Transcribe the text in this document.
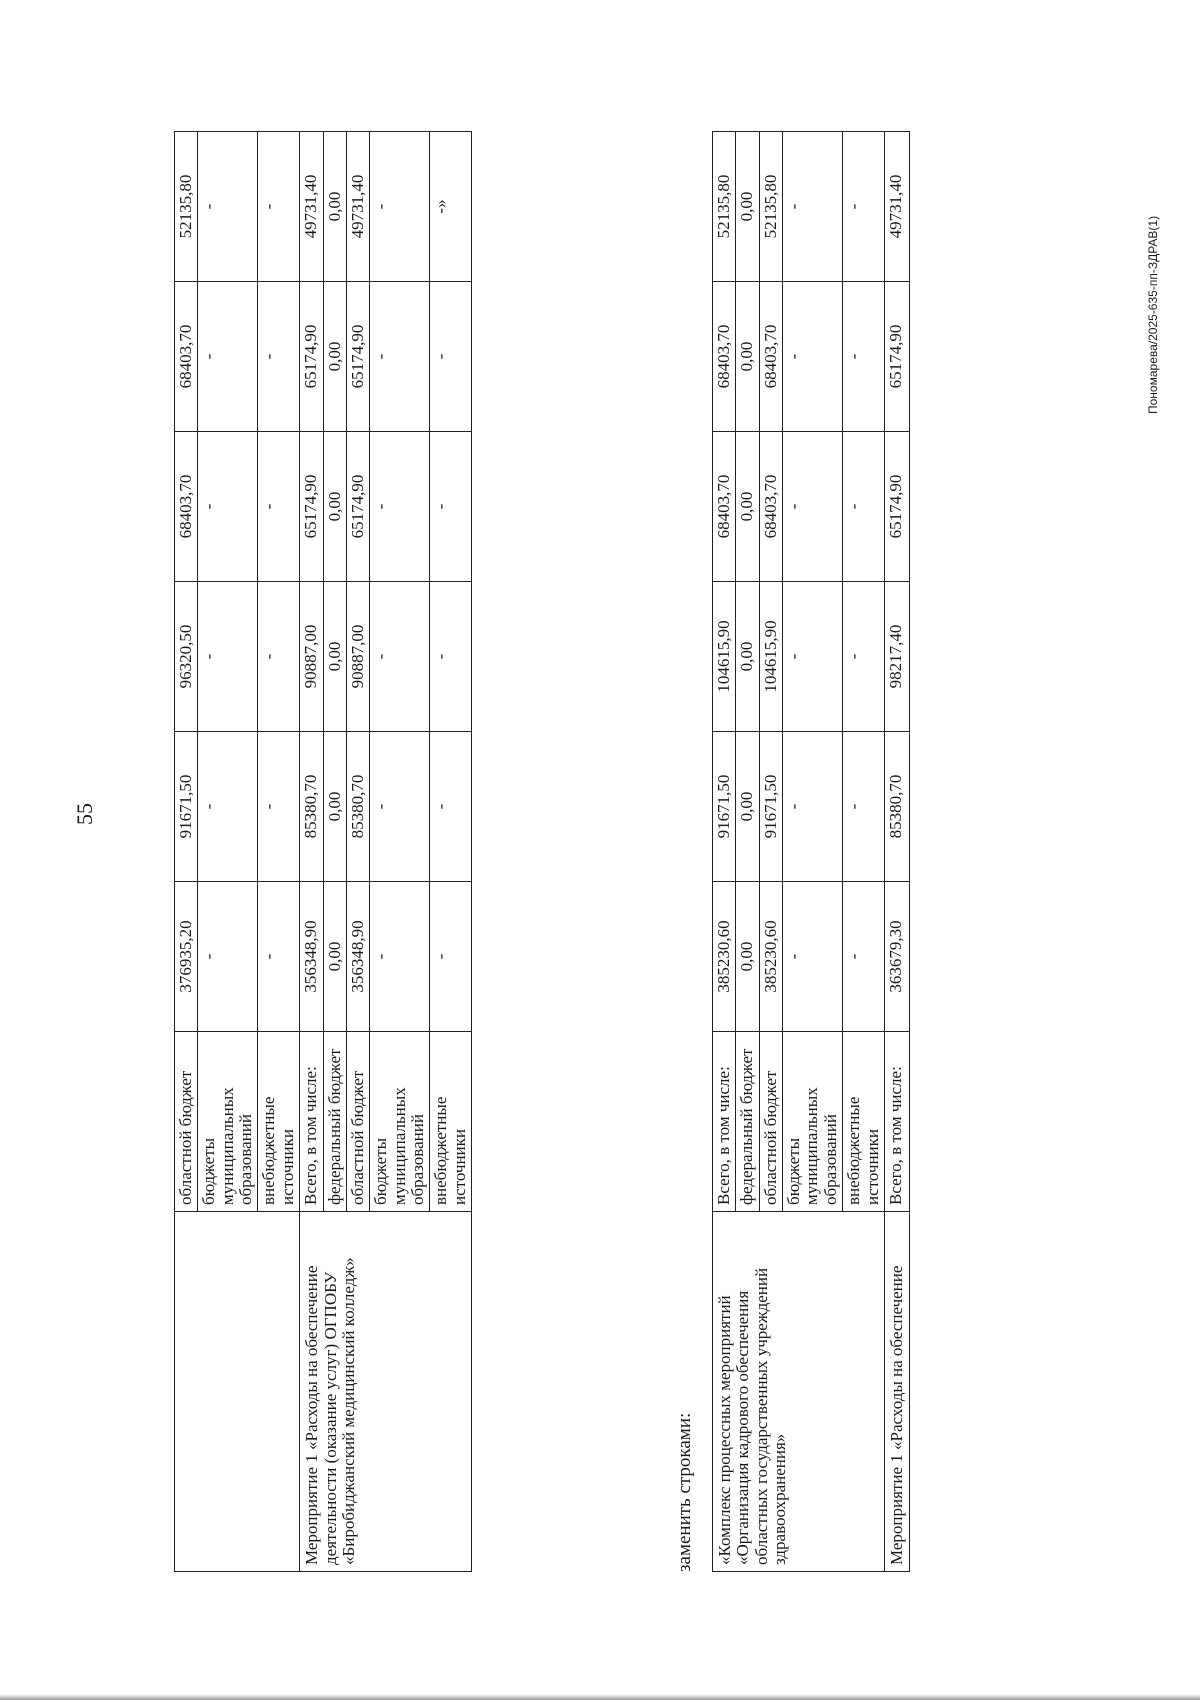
55

	областной бюджет	376935,20	91671,50	96320,50	68403,70	68403,70	52135,80
	бюджеты муниципальных образований	-	-	-	-	-	-
	внебюджетные источники	-	-	-	-	-	-
Мероприятие 1 «Расходы на обеспечение деятельности (оказание услуг) ОГПОБУ «Биробиджанский медицинский колледж»	Всего, в том числе:	356348,90	85380,70	90887,00	65174,90	65174,90	49731,40
	федеральный бюджет	0,00	0,00	0,00	0,00	0,00	0,00
	областной бюджет	356348,90	85380,70	90887,00	65174,90	65174,90	49731,40
	бюджеты муниципальных образований	-	-	-	-	-	-
	внебюджетные источники	-	-	-	-	-	-»

заменить строками: «Комплекс процессных мероприятий «Организация кадрового обеспечения областных государственных учреждений здравоохранения»	Всего, в том числе:	385230,60	91671,50	104615,90	68403,70	68403,70	52135,80
	федеральный бюджет	0,00	0,00	0,00	0,00	0,00	0,00
	областной бюджет	385230,60	91671,50	104615,90	68403,70	68403,70	52135,80
	бюджеты муниципальных образований	-	-	-	-	-	-
	внебюджетные источники	-	-	-	-	-	-
Мероприятие 1 «Расходы на обеспечение	Всего, в том числе:	363679,30	85380,70	98217,40	65174,90	65174,90	49731,40

Пономарева/2025-635-пп-ЗДРАВ(1)
